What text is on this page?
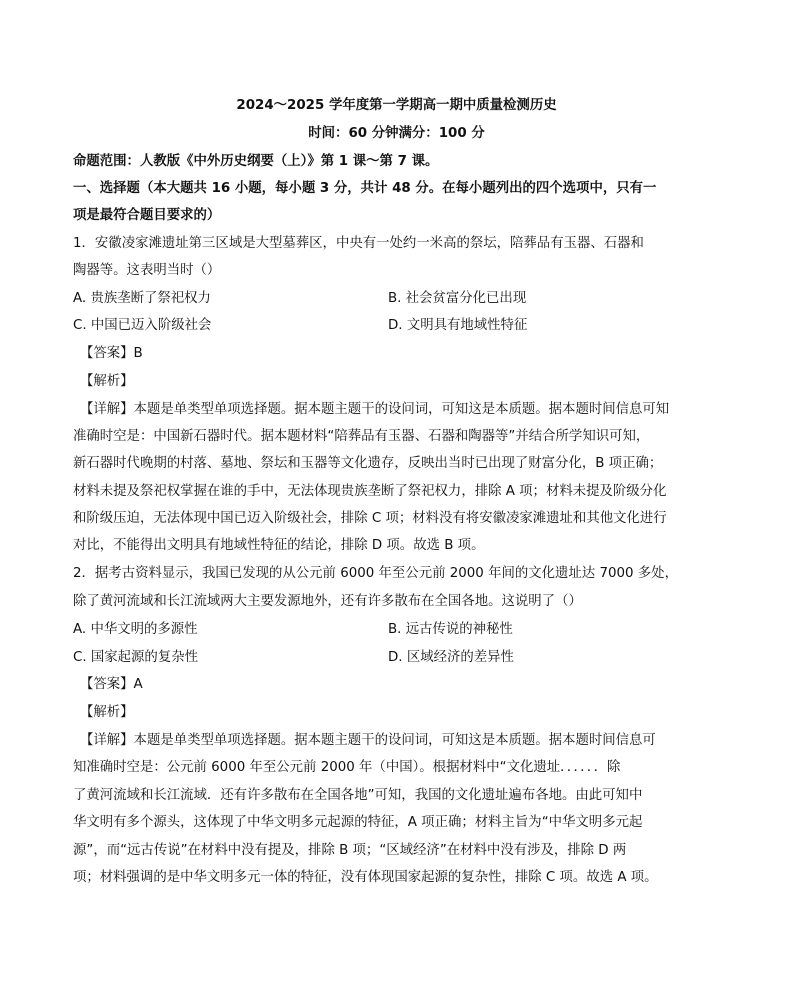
2024～2025 学年度第一学期高一期中质量检测历史
时间：60 分钟满分：100 分
命题范围：人教版《中外历史纲要（上）》第 1 课～第 7 课。
一、选择题（本大题共 16 小题，每小题 3 分，共计 48 分。在每小题列出的四个选项中，只有一
项是最符合题目要求的）
1．安徽凌家滩遗址第三区域是大型墓葬区，中央有一处约一米高的祭坛，陪葬品有玉器、石器和
陶器等。这表明当时（）
A. 贵族垄断了祭祀权力	B. 社会贫富分化已出现
C. 中国已迈入阶级社会	D. 文明具有地域性特征
【答案】B
【解析】
【详解】本题是单类型单项选择题。据本题主题干的设问词，可知这是本质题。据本题时间信息可知
准确时空是：中国新石器时代。据本题材料“陪葬品有玉器、石器和陶器等”并结合所学知识可知，
新石器时代晚期的村落、墓地、祭坛和玉器等文化遗存，反映出当时已出现了财富分化，B 项正确；
材料未提及祭祀权掌握在谁的手中，无法体现贵族垄断了祭祀权力，排除 A 项；材料未提及阶级分化
和阶级压迫，无法体现中国已迈入阶级社会，排除 C 项；材料没有将安徽凌家滩遗址和其他文化进行
对比，不能得出文明具有地域性特征的结论，排除 D 项。故选 B 项。
2．据考古资料显示，我国已发现的从公元前 6000 年至公元前 2000 年间的文化遗址达 7000 多处，
除了黄河流域和长江流域两大主要发源地外，还有许多散布在全国各地。这说明了（）
A. 中华文明的多源性	B. 远古传说的神秘性
C. 国家起源的复杂性	D. 区域经济的差异性
【答案】A
【解析】
【详解】本题是单类型单项选择题。据本题主题干的设问词，可知这是本质题。据本题时间信息可
知准确时空是：公元前 6000 年至公元前 2000 年（中国）。根据材料中“文化遗址．．．．．．除
了黄河流域和长江流域．还有许多散布在全国各地”可知，我国的文化遗址遍布各地。由此可知中
华文明有多个源头，这体现了中华文明多元起源的特征，A 项正确；材料主旨为“中华文明多元起
源”，而“远古传说”在材料中没有提及，排除 B 项；“区域经济”在材料中没有涉及，排除 D 两
项；材料强调的是中华文明多元一体的特征，没有体现国家起源的复杂性，排除 C 项。故选 A 项。
